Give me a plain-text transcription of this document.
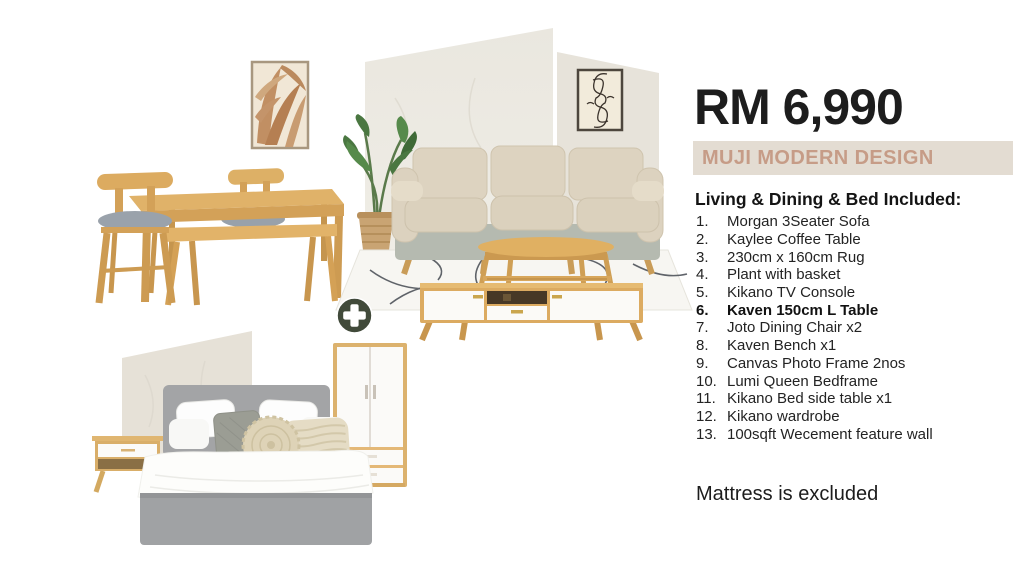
RM 6,990
MUJI MODERN DESIGN
Living & Dining & Bed Included:
1.	Morgan 3Seater Sofa
2.	Kaylee Coffee Table
3.	230cm x 160cm Rug
4.	Plant with basket
5.	Kikano TV Console
6.	Kaven 150cm L Table
7.	Joto Dining Chair x2
8.	Kaven Bench x1
9.	Canvas Photo Frame 2nos
10. Lumi Queen Bedframe
11. Kikano Bed side table x1
12. Kikano wardrobe
13. 100sqft Wecement feature wall
Mattress is excluded
